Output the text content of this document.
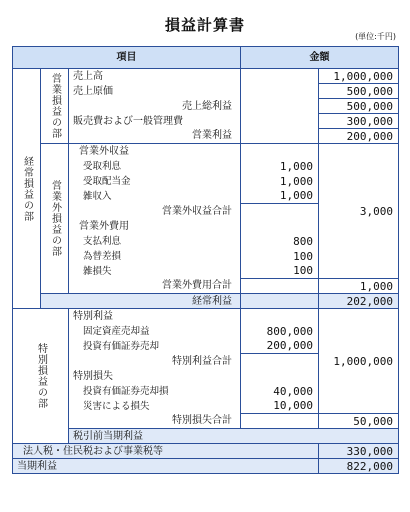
損益計算書
(単位:千円)
項目			金額		
経常損益の部	営業損益の部	売上高		1,000,000	
		売上原価		500,000	
		売上総利益		500,000	
		販売費および一般管理費		300,000	
		営業利益		200,000	
	営業外損益の部	営業外収益			
		受取利息	1,000		
		受取配当金	1,000		
		雑収入	1,000		
		営業外収益合計		3,000	
		営業外費用			
		支払利息	800		
		為替差損	100		
		雑損失	100		
		営業外費用合計		1,000	
	経常利益			202,000	
特別損益の部		特別利益			
		固定資産売却益	800,000		
		投資有価証券売却	200,000		
		特別利益合計		1,000,000	
		特別損失			
		投資有価証券売却損	40,000		
		災害による損失	10,000		
		特別損失合計		50,000	
		税引前当期利益	
法人税・住民税および事業税等				330,000	
当期利益				822,000	
